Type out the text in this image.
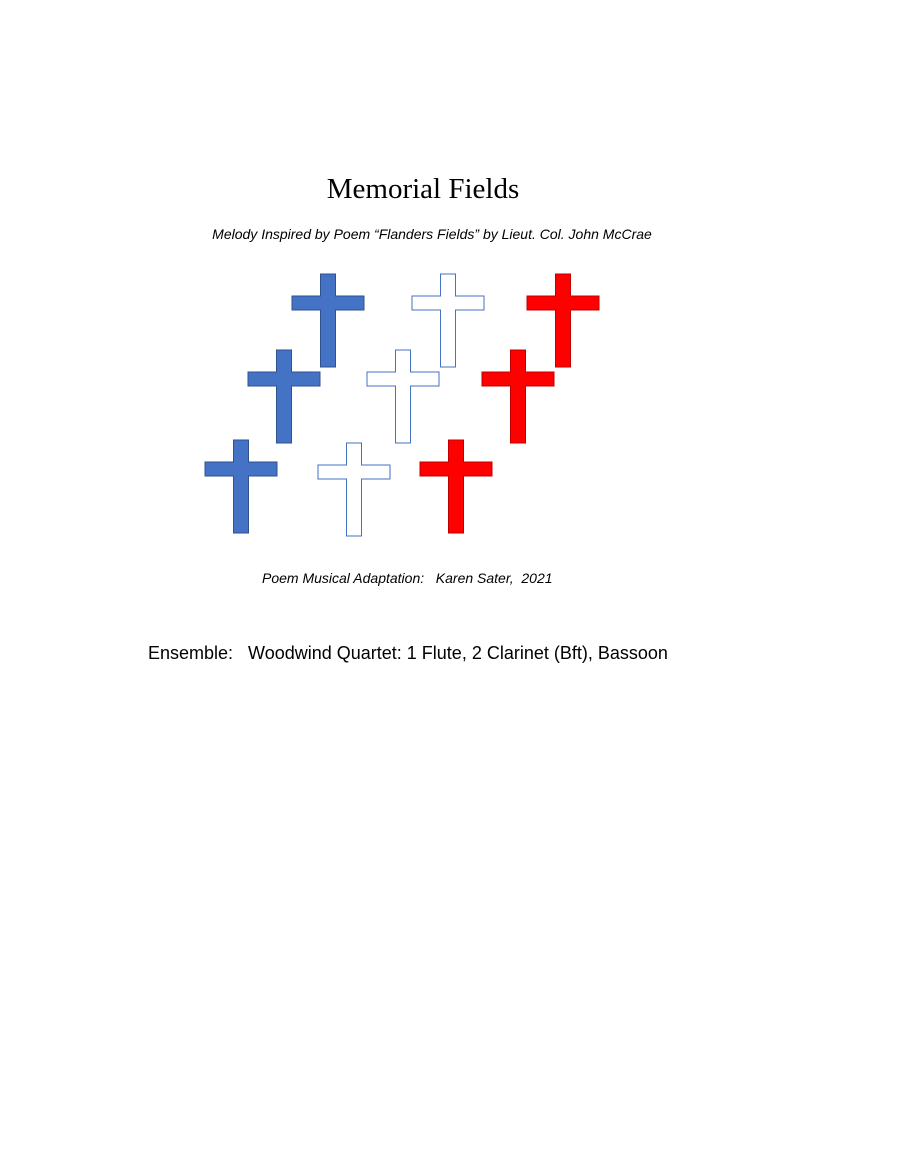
Memorial Fields
Melody Inspired by Poem “Flanders Fields” by Lieut. Col. John McCrae
Poem Musical Adaptation:   Karen Sater,  2021
Ensemble:   Woodwind Quartet: 1 Flute, 2 Clarinet (Bft), Bassoon
